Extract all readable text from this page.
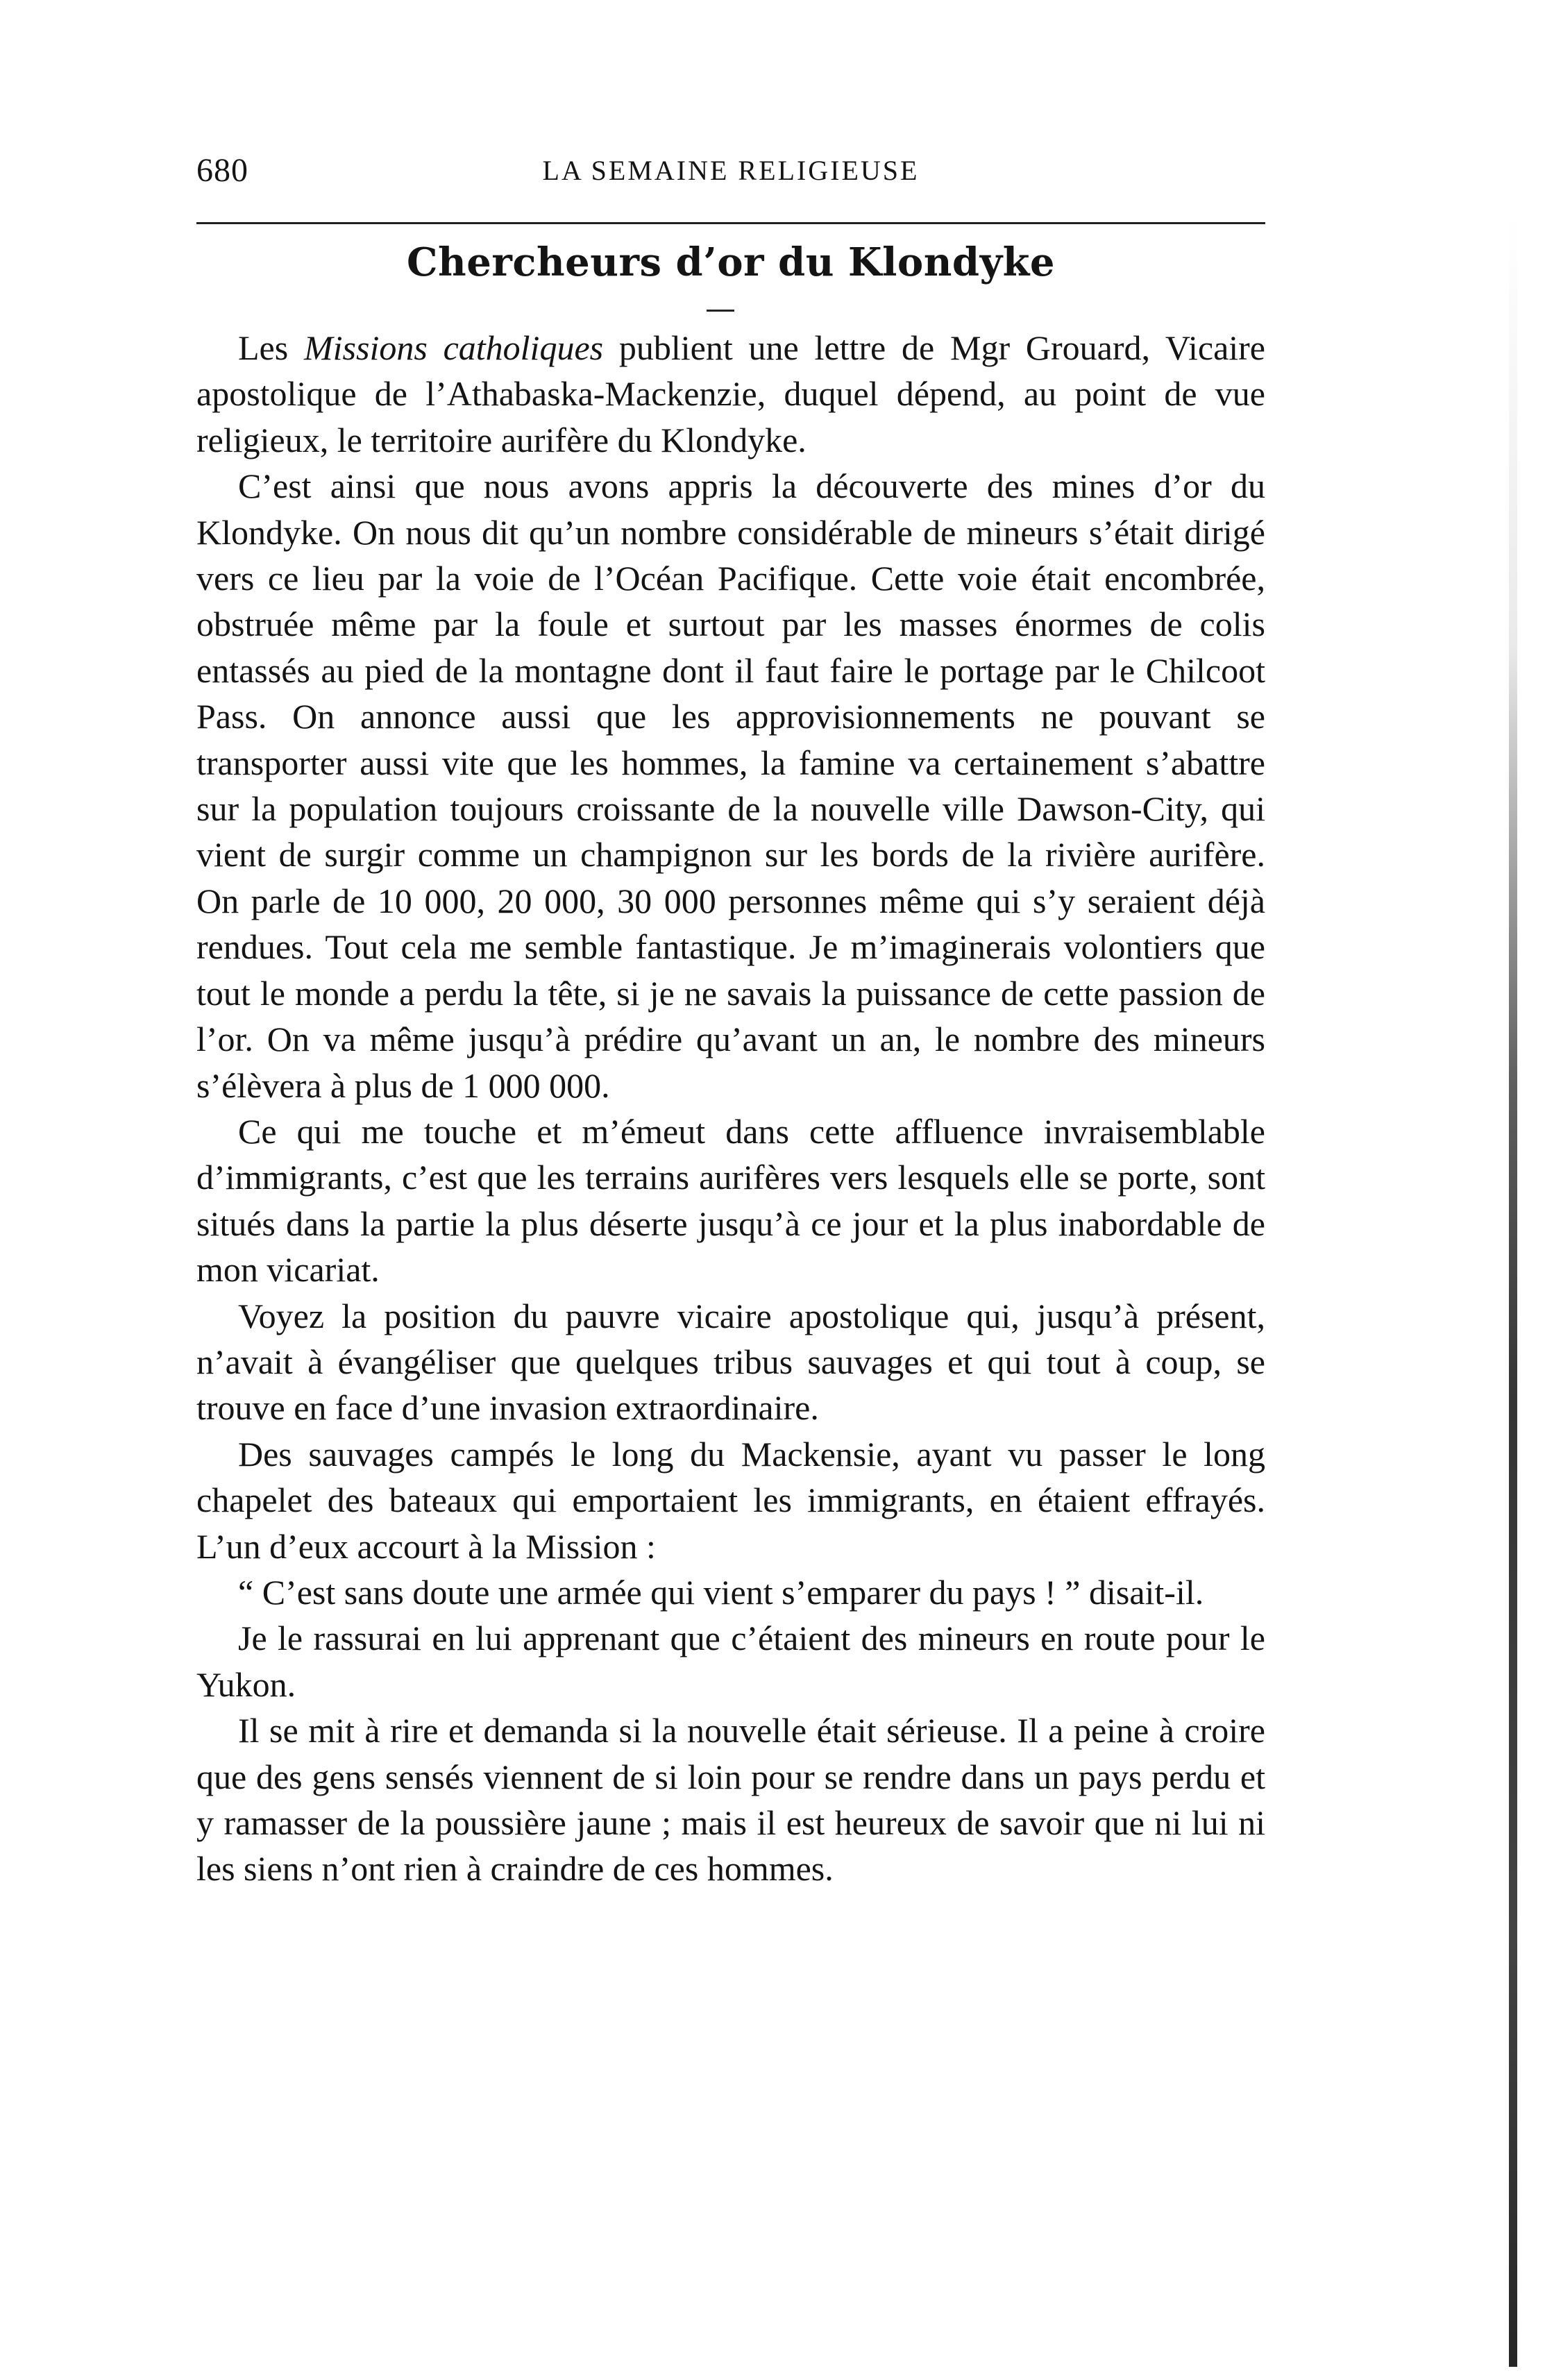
680	LA SEMAINE RELIGIEUSE
Chercheurs d’or du Klondyke

Les Missions catholiques publient une lettre de Mgr Grouard, Vicaire apostolique de l’Athabaska-Mackenzie, duquel dépend, au point de vue religieux, le territoire aurifère du Klondyke.

C’est ainsi que nous avons appris la découverte des mines d’or du Klondyke. On nous dit qu’un nombre considérable de mineurs s’était dirigé vers ce lieu par la voie de l’Océan Pacifique. Cette voie était encombrée, obstruée même par la foule et surtout par les masses énormes de colis entassés au pied de la montagne dont il faut faire le portage par le Chilcoot Pass. On annonce aussi que les approvisionnements ne pouvant se transporter aussi vite que les hommes, la famine va certainement s’abattre sur la population toujours croissante de la nouvelle ville Dawson-City, qui vient de surgir comme un champignon sur les bords de la rivière aurifère. On parle de 10 000, 20 000, 30 000 personnes même qui s’y seraient déjà rendues. Tout cela me semble fantastique. Je m’imaginerais volontiers que tout le monde a perdu la tête, si je ne savais la puissance de cette passion de l’or. On va même jusqu’à prédire qu’avant un an, le nombre des mineurs s’élèvera à plus de 1 000 000.

Ce qui me touche et m’émeut dans cette affluence invraisemblable d’immigrants, c’est que les terrains aurifères vers lesquels elle se porte, sont situés dans la partie la plus déserte jusqu’à ce jour et la plus inabordable de mon vicariat.

Voyez la position du pauvre vicaire apostolique qui, jusqu’à présent, n’avait à évangéliser que quelques tribus sauvages et qui tout à coup, se trouve en face d’une invasion extraordinaire.

Des sauvages campés le long du Mackensie, ayant vu passer le long chapelet des bateaux qui emportaient les immigrants, en étaient effrayés. L’un d’eux accourt à la Mission :

“ C’est sans doute une armée qui vient s’emparer du pays ! ” disait-il.

Je le rassurai en lui apprenant que c’étaient des mineurs en route pour le Yukon.

Il se mit à rire et demanda si la nouvelle était sérieuse. Il a peine à croire que des gens sensés viennent de si loin pour se rendre dans un pays perdu et y ramasser de la poussière jaune ; mais il est heureux de savoir que ni lui ni les siens n’ont rien à craindre de ces hommes.
